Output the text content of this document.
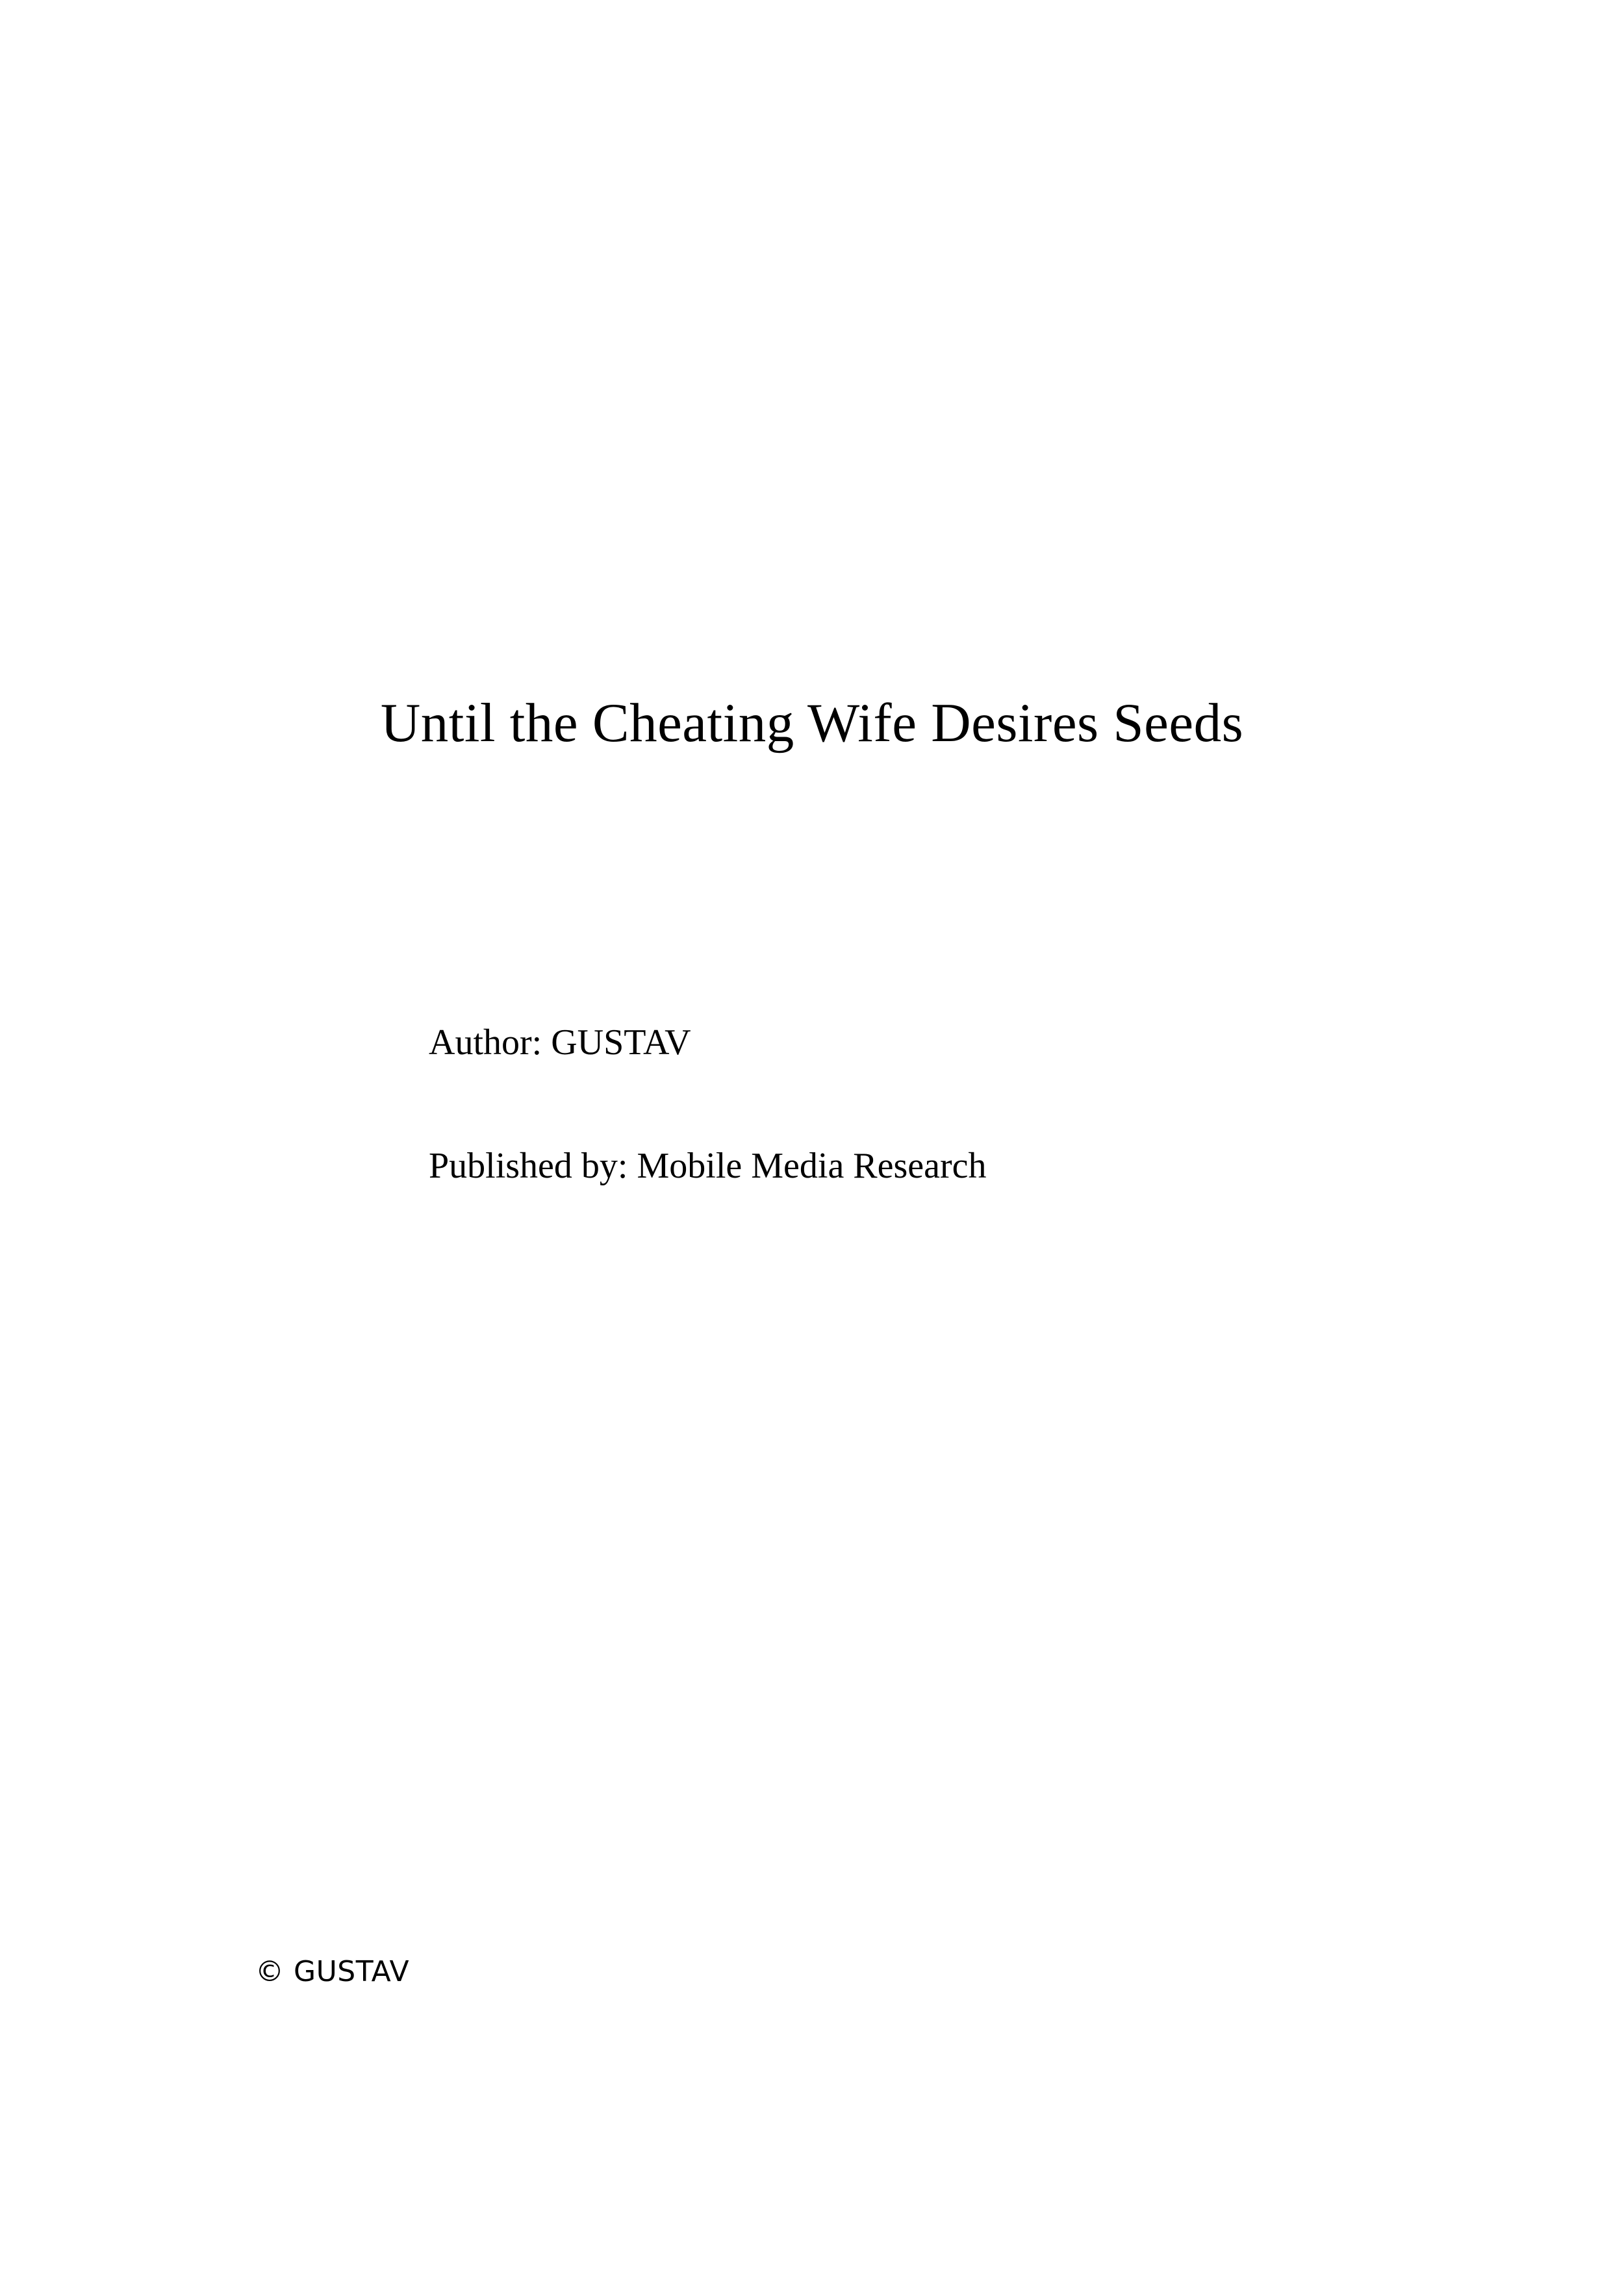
Until the Cheating Wife Desires Seeds
Author: GUSTAV
Published by: Mobile Media Research
© GUSTAV
